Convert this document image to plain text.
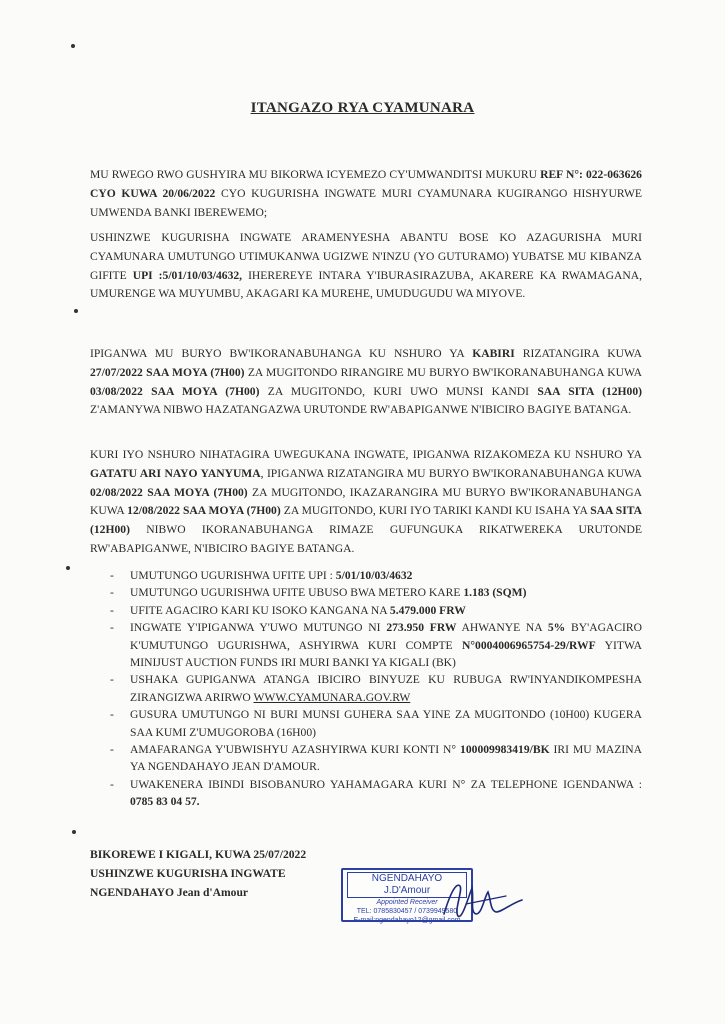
ITANGAZO RYA CYAMUNARA

MU RWEGO RWO GUSHYIRA MU BIKORWA ICYEMEZO CY'UMWANDITSI MUKURU REF N°: 022-063626 CYO KUWA 20/06/2022 CYO KUGURISHA INGWATE MURI CYAMUNARA KUGIRANGO HISHYURWE UMWENDA BANKI IBEREWEMO;

USHINZWE KUGURISHA INGWATE ARAMENYESHA ABANTU BOSE KO AZAGURISHA MURI CYAMUNARA UMUTUNGO UTIMUKANWA UGIZWE N'INZU (YO GUTURAMO) YUBATSE MU KIBANZA GIFITE UPI :5/01/10/03/4632, IHEREREYE INTARA Y'IBURASIRAZUBA, AKARERE KA RWAMAGANA, UMURENGE WA MUYUMBU, AKAGARI KA MUREHE, UMUDUGUDU WA MIYOVE.

IPIGANWA MU BURYO BW'IKORANABUHANGA KU NSHURO YA KABIRI RIZATANGIRA KUWA 27/07/2022 SAA MOYA (7H00) ZA MUGITONDO RIRANGIRE MU BURYO BW'IKORANABUHANGA KUWA 03/08/2022 SAA MOYA (7H00) ZA MUGITONDO, KURI UWO MUNSI KANDI SAA SITA (12H00) Z'AMANYWA NIBWO HAZATANGAZWA URUTONDE RW'ABAPIGANWE N'IBICIRO BAGIYE BATANGA.

KURI IYO NSHURO NIHATAGIRA UWEGUKANA INGWATE, IPIGANWA RIZAKOMEZA KU NSHURO YA GATATU ARI NAYO YANYUMA, IPIGANWA RIZATANGIRA MU BURYO BW'IKORANABUHANGA KUWA 02/08/2022 SAA MOYA (7H00) ZA MUGITONDO, IKAZARANGIRA MU BURYO BW'IKORANABUHANGA KUWA 12/08/2022 SAA MOYA (7H00) ZA MUGITONDO, KURI IYO TARIKI KANDI KU ISAHA YA SAA SITA (12H00) NIBWO IKORANABUHANGA RIMAZE GUFUNGUKA RIKATWEREKA URUTONDE RW'ABAPIGANWE, N'IBICIRO BAGIYE BATANGA.

- UMUTUNGO UGURISHWA UFITE UPI : 5/01/10/03/4632
- UMUTUNGO UGURISHWA UFITE UBUSO BWA METERO KARE 1.183 (SQM)
- UFITE AGACIRO KARI KU ISOKO KANGANA NA 5.479.000 FRW
- INGWATE Y'IPIGANWA Y'UWO MUTUNGO NI 273.950 FRW AHWANYE NA 5% BY'AGACIRO K'UMUTUNGO UGURISHWA, ASHYIRWA KURI COMPTE N°0004006965754-29/RWF YITWA MINIJUST AUCTION FUNDS IRI MURI BANKI YA KIGALI (BK)
- USHAKA GUPIGANWA ATANGA IBICIRO BINYUZE KU RUBUGA RW'INYANDIKOMPESHA ZIRANGIZWA ARIRWO WWW.CYAMUNARA.GOV.RW
- GUSURA UMUTUNGO NI BURI MUNSI GUHERA SAA YINE ZA MUGITONDO (10H00) KUGERA SAA KUMI Z'UMUGOROBA (16H00)
- AMAFARANGA Y'UBWISHYU AZASHYIRWA KURI KONTI N° 100009983419/BK IRI MU MAZINA YA NGENDAHAYO JEAN D'AMOUR.
- UWAKENERA IBINDI BISOBANURO YAHAMAGARA KURI N° ZA TELEPHONE IGENDANWA : 0785 83 04 57.
BIKOREWE I KIGALI, KUWA 25/07/2022
USHINZWE KUGURISHA INGWATE
NGENDAHAYO Jean d'Amour
NGENDAHAYO J.D'Amour
Appointed Receiver
TEL: 0785830457 / 0739949580
E-mail:ngendahayo12@gmail.com
